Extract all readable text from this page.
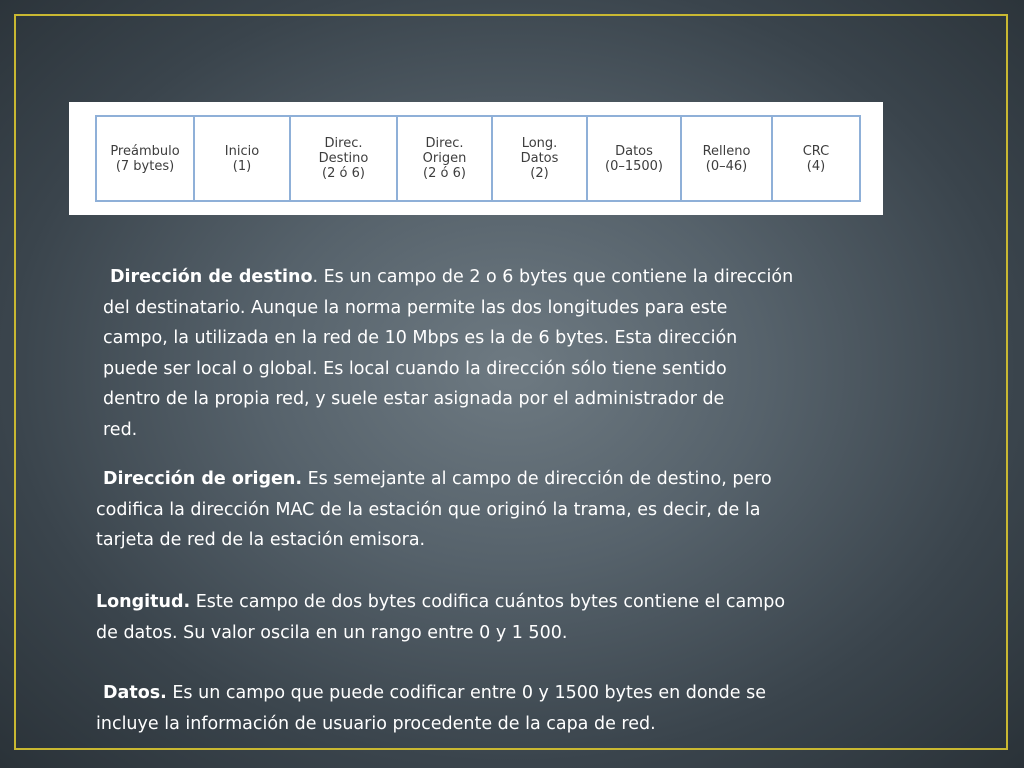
Preámbulo
(7 bytes)
Inicio
(1)
Direc.
Destino
(2 ó 6)
Direc.
Origen
(2 ó 6)
Long.
Datos
(2)
Datos
(0–1500)
Relleno
(0–46)
CRC
(4)
Dirección de destino. Es un campo de 2 o 6 bytes que contiene la dirección
del destinatario. Aunque la norma permite las dos longitudes para este
campo, la utilizada en la red de 10 Mbps es la de 6 bytes. Esta dirección
puede ser local o global. Es local cuando la dirección sólo tiene sentido
dentro de la propia red, y suele estar asignada por el administrador de
red.
Dirección de origen. Es semejante al campo de dirección de destino, pero
codifica la dirección MAC de la estación que originó la trama, es decir, de la
tarjeta de red de la estación emisora.
Longitud. Este campo de dos bytes codifica cuántos bytes contiene el campo
de datos. Su valor oscila en un rango entre 0 y 1 500.
Datos. Es un campo que puede codificar entre 0 y 1500 bytes en donde se
incluye la información de usuario procedente de la capa de red.
